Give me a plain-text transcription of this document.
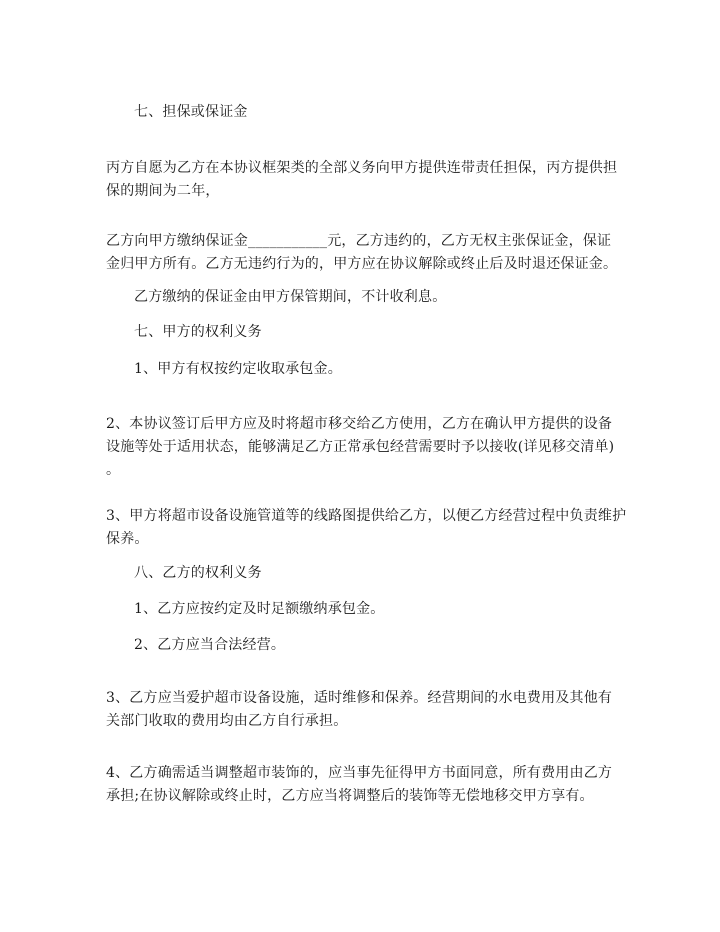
七、担保或保证金

丙方自愿为乙方在本协议框架类的全部义务向甲方提供连带责任担保，丙方提供担
保的期间为二年，

乙方向甲方缴纳保证金___________元，乙方违约的，乙方无权主张保证金，保证
金归甲方所有。乙方无违约行为的，甲方应在协议解除或终止后及时退还保证金。

乙方缴纳的保证金由甲方保管期间，不计收利息。

七、甲方的权利义务

1、甲方有权按约定收取承包金。

2、本协议签订后甲方应及时将超市移交给乙方使用，乙方在确认甲方提供的设备
设施等处于适用状态，能够满足乙方正常承包经营需要时予以接收(详见移交清单)
。

3、甲方将超市设备设施管道等的线路图提供给乙方，以便乙方经营过程中负责维护
保养。

八、乙方的权利义务

1、乙方应按约定及时足额缴纳承包金。

2、乙方应当合法经营。

3、乙方应当爱护超市设备设施，适时维修和保养。经营期间的水电费用及其他有
关部门收取的费用均由乙方自行承担。

4、乙方确需适当调整超市装饰的，应当事先征得甲方书面同意，所有费用由乙方
承担;在协议解除或终止时，乙方应当将调整后的装饰等无偿地移交甲方享有。
